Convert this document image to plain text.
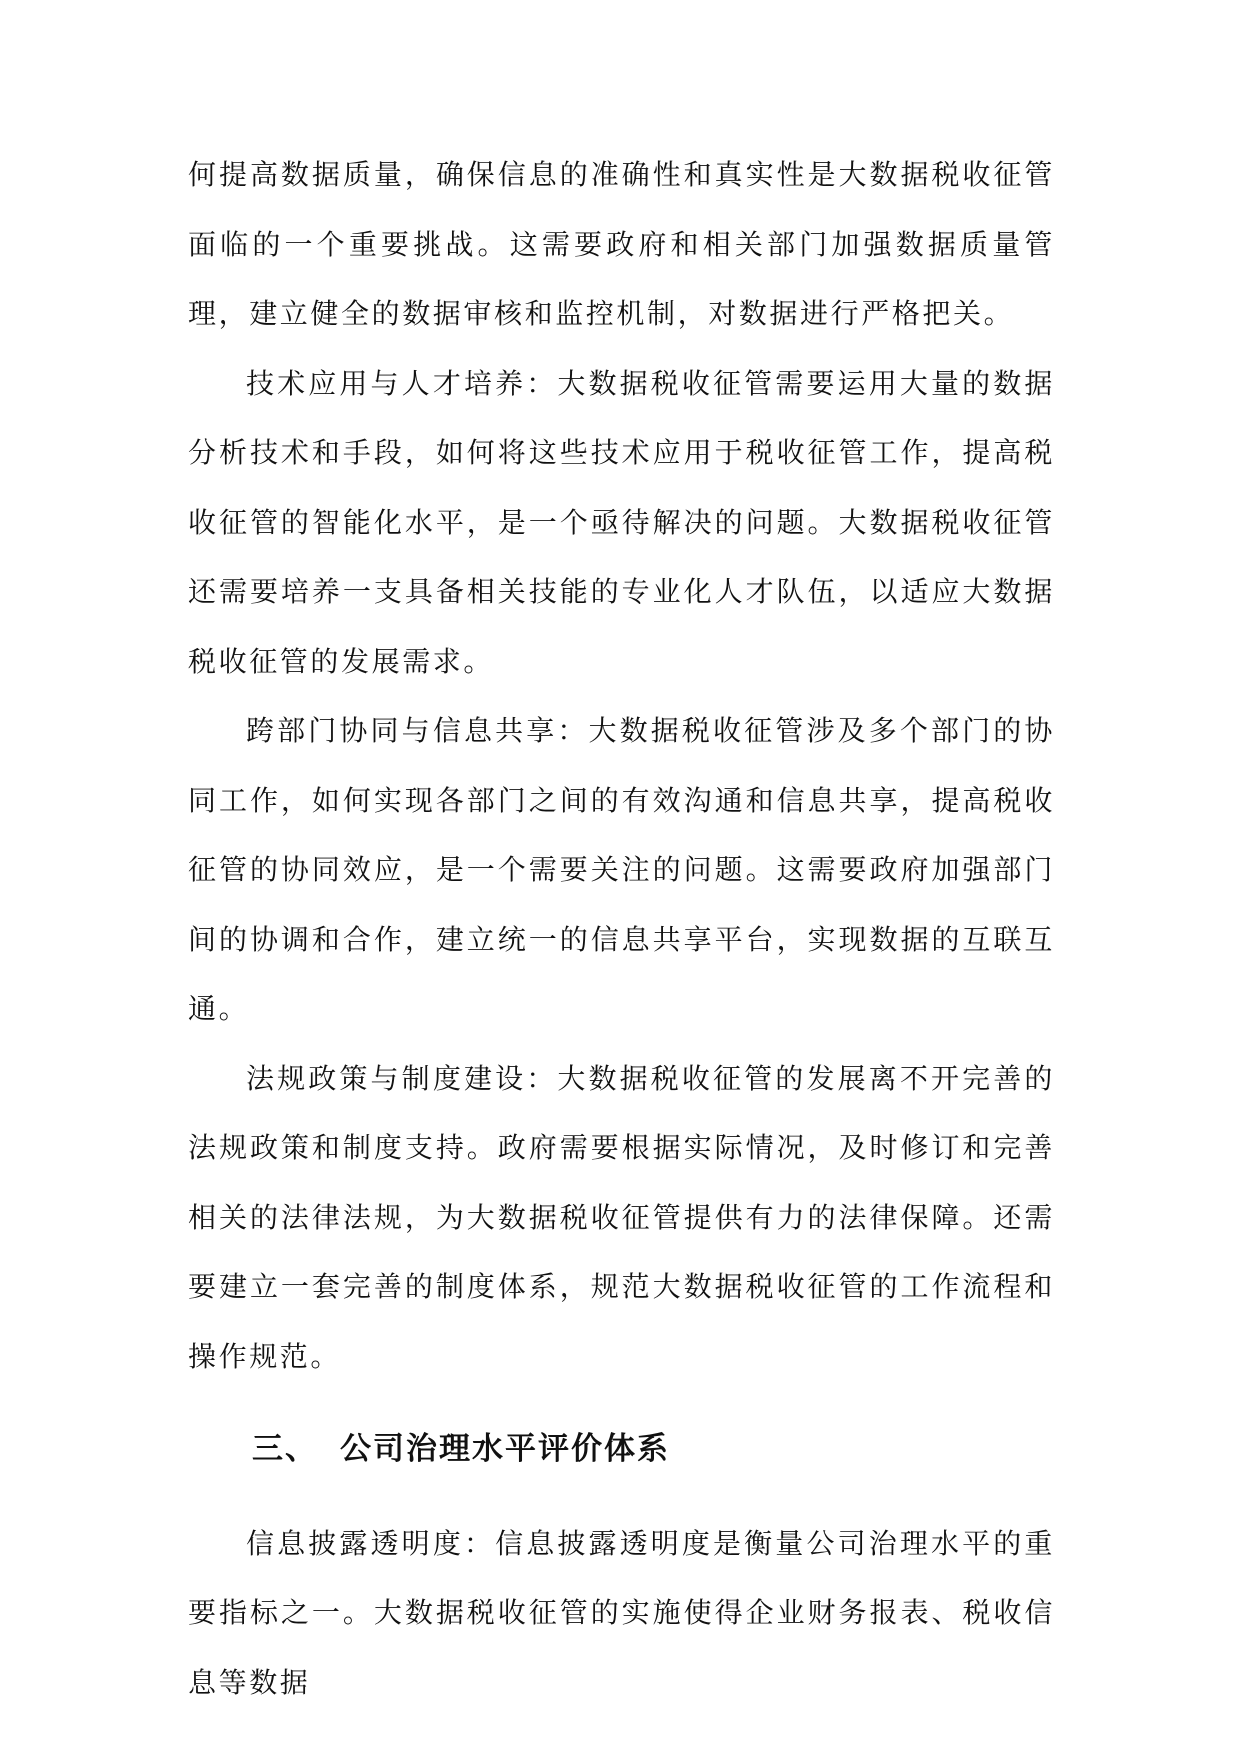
何提高数据质量，确保信息的准确性和真实性是大数据税收征管面临的一个重要挑战。这需要政府和相关部门加强数据质量管理，建立健全的数据审核和监控机制，对数据进行严格把关。

技术应用与人才培养：大数据税收征管需要运用大量的数据分析技术和手段，如何将这些技术应用于税收征管工作，提高税收征管的智能化水平，是一个亟待解决的问题。大数据税收征管还需要培养一支具备相关技能的专业化人才队伍，以适应大数据税收征管的发展需求。

跨部门协同与信息共享：大数据税收征管涉及多个部门的协同工作，如何实现各部门之间的有效沟通和信息共享，提高税收征管的协同效应，是一个需要关注的问题。这需要政府加强部门间的协调和合作，建立统一的信息共享平台，实现数据的互联互通。

法规政策与制度建设：大数据税收征管的发展离不开完善的法规政策和制度支持。政府需要根据实际情况，及时修订和完善相关的法律法规，为大数据税收征管提供有力的法律保障。还需要建立一套完善的制度体系，规范大数据税收征管的工作流程和操作规范。

三、 公司治理水平评价体系

信息披露透明度：信息披露透明度是衡量公司治理水平的重要指标之一。大数据税收征管的实施使得企业财务报表、税收信息等数据
